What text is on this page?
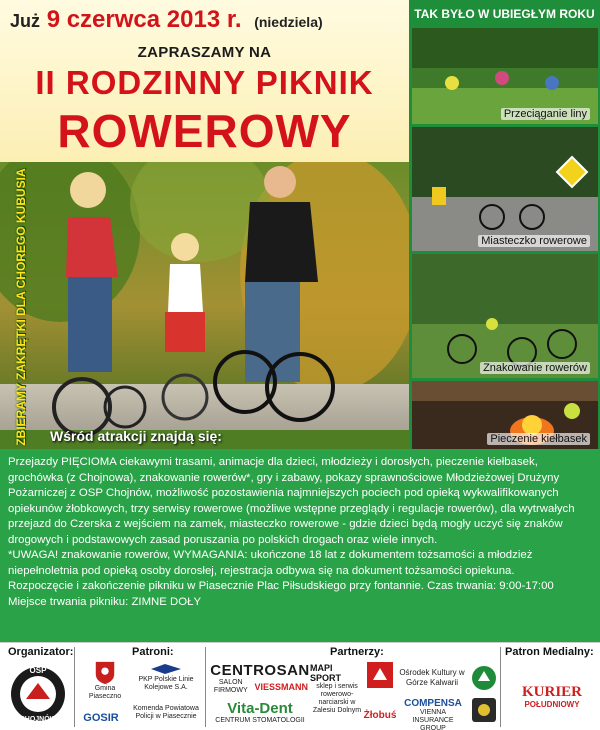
Już 9 czerwca 2013 r. (niedziela)
ZAPRASZAMY NA
II RODZINNY PIKNIK
ROWEROWY
ZBIERAMY ZAKRĘTKI DLA CHOREGO KUBUSIA Wśród atrakcji znajdą się:
TAK BYŁO W UBIEGŁYM ROKU
Przeciąganie liny
Miasteczko rowerowe
Znakowanie rowerów
Pieczenie kiełbasek

Przejazdy PIĘCIOMA ciekawymi trasami, animacje dla dzieci, młodzieży i dorosłych, pieczenie kiełbasek, grochówka (z Chojnowa), znakowanie rowerów*, gry i zabawy, pokazy sprawnościowe Młodzieżowej Drużyny Pożarniczej z OSP Chojnów, możliwość pozostawienia najmniejszych pociech pod opieką wykwalifikowanych opiekunów żłobkowych, trzy serwisy rowerowe (możliwe wstępne przeglądy i regulacje rowerów), dla wytrwałych przejazd do Czerska z wejściem na zamek, miasteczko rowerowe - gdzie dzieci będą mogły uczyć się znaków drogowych i podstawowych zasad poruszania po polskich drogach oraz wiele innych.

*UWAGA! znakowanie rowerów, WYMAGANIA: ukończone 18 lat z dokumentem tożsamości a młodzież niepełnoletnia pod opieką osoby dorosłej, rejestracja odbywa się na dokument tożsamości opiekuna.

Rozpoczęcie i zakończenie pikniku w Piasecznie Plac Piłsudskiego przy fontannie. Czas trwania: 9:00-17:00

Miejsce trwania pikniku: ZIMNE DOŁY

Organizator:	Patroni:	Partnerzy:	Patron Medialny:
OSP
CHOJNÓW
Gmina Piaseczno
GOSIR
PKP Polskie Linie Kolejowe S.A.
Komenda Powiatowa Policji w Piasecznie
CENTROSAN
SALON FIRMOWY VIESSMANN
Vita-Dent
CENTRUM STOMATOLOGII
MAPI SPORT
sklep i serwis rowerowo-narciarski w Zalesiu Dolnym Żłobuś
Ośrodek Kultury w Górze Kalwarii
COMPENSA
VIENNA INSURANCE GROUP
KURIER
POŁUDNIOWY
